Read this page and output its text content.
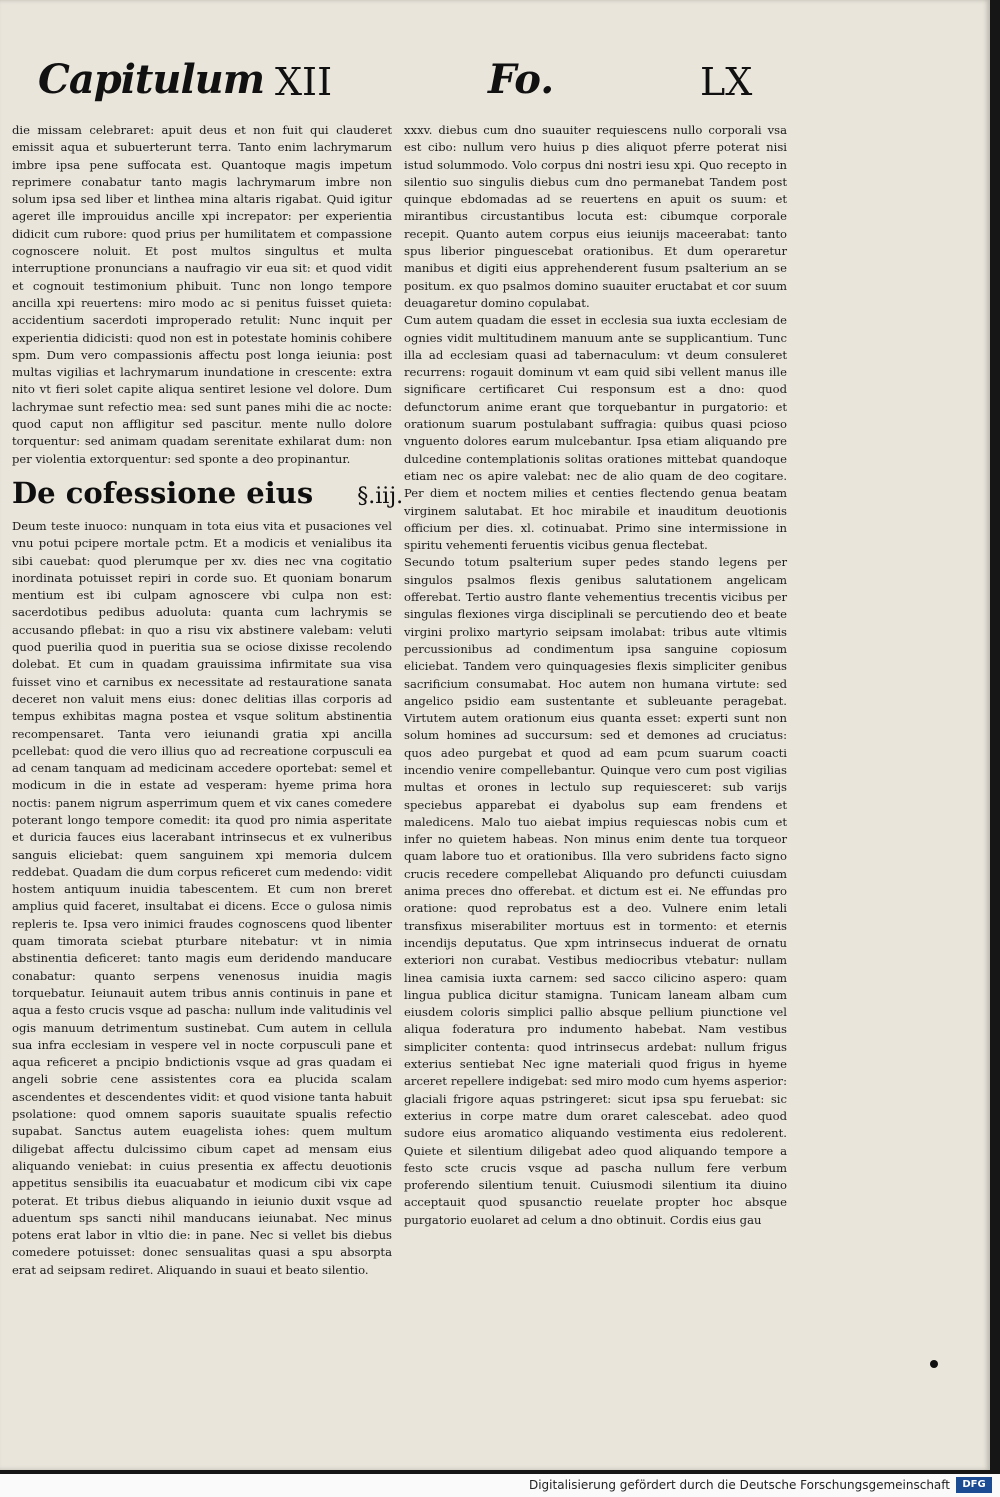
Capitulum XII	Fo.	LX

die missam celebraret: apuit deus et non fuit qui clauderet emissit aqua et subuerterunt terra. Tanto enim lachrymarum imbre ipsa pene suffocata est. Quantoque magis impetum reprimere conabatur tanto magis lachrymarum imbre non solum ipsa sed liber et linthea mina altaris rigabat. Quid igitur ageret ille improuidus ancille xpi increpator: per experientia didicit cum rubore: quod prius per humilitatem et compassione cognoscere noluit. Et post multos singultus et multa interruptione pronuncians a naufragio vir eua sit: et quod vidit et cognouit testimonium phibuit. Tunc non longo tempore ancilla xpi reuertens: miro modo ac si penitus fuisset quieta: accidentium sacerdoti improperado retulit: Nunc inquit per experientia didicisti: quod non est in potestate hominis cohibere spm. Dum vero compassionis affectu post longa ieiunia: post multas vigilias et lachrymarum inundatione in crescente: extra nito vt fieri solet capite aliqua sentiret lesione vel dolore. Dum lachrymae sunt refectio mea: sed sunt panes mihi die ac nocte: quod caput non affligitur sed pascitur. mente nullo dolore torquentur: sed animam quadam serenitate exhilarat dum: non per violentia extorquentur: sed sponte a deo propinantur.

De cofessione eius §.iij.

Deum teste inuoco: nunquam in tota eius vita et pusaciones vel vnu potui pcipere mortale pctm. Et a modicis et venialibus ita sibi cauebat: quod plerumque per xv. dies nec vna cogitatio inordinata potuisset repiri in corde suo. Et quoniam bonarum mentium est ibi culpam agnoscere vbi culpa non est: sacerdotibus pedibus aduoluta: quanta cum lachrymis se accusando pflebat: in quo a risu vix abstinere valebam: veluti quod puerilia quod in pueritia sua se ociose dixisse recolendo dolebat. Et cum in quadam grauissima infirmitate sua visa fuisset vino et carnibus ex necessitate ad restauratione sanata deceret non valuit mens eius: donec delitias illas corporis ad tempus exhibitas magna postea et vsque solitum abstinentia recompensaret. Tanta vero ieiunandi gratia xpi ancilla pcellebat: quod die vero illius quo ad recreatione corpusculi ea ad cenam tanquam ad medicinam accedere oportebat: semel et modicum in die in estate ad vesperam: hyeme prima hora noctis: panem nigrum asperrimum quem et vix canes comedere poterant longo tempore comedit: ita quod pro nimia asperitate et duricia fauces eius lacerabant intrinsecus et ex vulneribus sanguis eliciebat: quem sanguinem xpi memoria dulcem reddebat. Quadam die dum corpus reficeret cum medendo: vidit hostem antiquum inuidia tabescentem. Et cum non breret amplius quid faceret, insultabat ei dicens. Ecce o gulosa nimis repleris te. Ipsa vero inimici fraudes cognoscens quod libenter quam timorata sciebat pturbare nitebatur: vt in nimia abstinentia deficeret: tanto magis eum deridendo manducare conabatur: quanto serpens venenosus inuidia magis torquebatur. Ieiunauit autem tribus annis continuis in pane et aqua a festo crucis vsque ad pascha: nullum inde valitudinis vel ogis manuum detrimentum sustinebat. Cum autem in cellula sua infra ecclesiam in vespere vel in nocte corpusculi pane et aqua reficeret a pncipio bndictionis vsque ad gras quadam ei angeli sobrie cene assistentes cora ea plucida scalam ascendentes et descendentes vidit: et quod visione tanta habuit psolatione: quod omnem saporis suauitate spualis refectio supabat. Sanctus autem euagelista iohes: quem multum diligebat affectu dulcissimo cibum capet ad mensam eius aliquando veniebat: in cuius presentia ex affectu deuotionis appetitus sensibilis ita euacuabatur et modicum cibi vix cape poterat. Et tribus diebus aliquando in ieiunio duxit vsque ad aduentum sps sancti nihil manducans ieiunabat. Nec minus potens erat labor in vltio die: in pane. Nec si vellet bis diebus comedere potuisset: donec sensualitas quasi a spu absorpta erat ad seipsam rediret. Aliquando in suaui et beato silentio.

xxxv. diebus cum dno suauiter requiescens nullo corporali vsa est cibo: nullum vero huius p dies aliquot pferre poterat nisi istud solummodo. Volo corpus dni nostri iesu xpi. Quo recepto in silentio suo singulis diebus cum dno permanebat Tandem post quinque ebdomadas ad se reuertens en apuit os suum: et mirantibus circustantibus locuta est: cibumque corporale recepit. Quanto autem corpus eius ieiunijs maceerabat: tanto spus liberior pinguescebat orationibus. Et dum operaretur manibus et digiti eius apprehenderent fusum psalterium an se positum. ex quo psalmos domino suauiter eructabat et cor suum deuagaretur domino copulabat.

Cum autem quadam die esset in ecclesia sua iuxta ecclesiam de ognies vidit multitudinem manuum ante se supplicantium. Tunc illa ad ecclesiam quasi ad tabernaculum: vt deum consuleret recurrens: rogauit dominum vt eam quid sibi vellent manus ille significare certificaret Cui responsum est a dno: quod defunctorum anime erant que torquebantur in purgatorio: et orationum suarum postulabant suffragia: quibus quasi pcioso vnguento dolores earum mulcebantur. Ipsa etiam aliquando pre dulcedine contemplationis solitas orationes mittebat quandoque etiam nec os apire valebat: nec de alio quam de deo cogitare. Per diem et noctem milies et centies flectendo genua beatam virginem salutabat. Et hoc mirabile et inauditum deuotionis officium per dies. xl. cotinuabat. Primo sine intermissione in spiritu vehementi feruentis vicibus genua flectebat.

Secundo totum psalterium super pedes stando legens per singulos psalmos flexis genibus salutationem angelicam offerebat. Tertio austro flante vehementius trecentis vicibus per singulas flexiones virga disciplinali se percutiendo deo et beate virgini prolixo martyrio seipsam imolabat: tribus aute vltimis percussionibus ad condimentum ipsa sanguine copiosum eliciebat. Tandem vero quinquagesies flexis simpliciter genibus sacrificium consumabat. Hoc autem non humana virtute: sed angelico psidio eam sustentante et subleuante peragebat. Virtutem autem orationum eius quanta esset: experti sunt non solum homines ad succursum: sed et demones ad cruciatus: quos adeo purgebat et quod ad eam pcum suarum coacti incendio venire compellebantur. Quinque vero cum post vigilias multas et orones in lectulo sup requiesceret: sub varijs speciebus apparebat ei dyabolus sup eam frendens et maledicens. Malo tuo aiebat impius requiescas nobis cum et infer no quietem habeas. Non minus enim dente tua torqueor quam labore tuo et orationibus. Illa vero subridens facto signo crucis recedere compellebat Aliquando pro defuncti cuiusdam anima preces dno offerebat. et dictum est ei. Ne effundas pro oratione: quod reprobatus est a deo. Vulnere enim letali transfixus miserabiliter mortuus est in tormento: et eternis incendijs deputatus. Que xpm intrinsecus induerat de ornatu exteriori non curabat. Vestibus mediocribus vtebatur: nullam linea camisia iuxta carnem: sed sacco cilicino aspero: quam lingua publica dicitur stamigna. Tunicam laneam albam cum eiusdem coloris simplici pallio absque pellium piunctione vel aliqua foderatura pro indumento habebat. Nam vestibus simpliciter contenta: quod intrinsecus ardebat: nullum frigus exterius sentiebat Nec igne materiali quod frigus in hyeme arceret repellere indigebat: sed miro modo cum hyems asperior: glaciali frigore aquas pstringeret: sicut ipsa spu feruebat: sic exterius in corpe matre dum oraret calescebat. adeo quod sudore eius aromatico aliquando vestimenta eius redolerent. Quiete et silentium diligebat adeo quod aliquando tempore a festo scte crucis vsque ad pascha nullum fere verbum proferendo silentium tenuit. Cuiusmodi silentium ita diuino acceptauit quod spusanctio reuelate propter hoc absque purgatorio euolaret ad celum a dno obtinuit. Cordis eius gau

Digitalisierung gefördert durch die Deutsche Forschungsgemeinschaft	DFG
